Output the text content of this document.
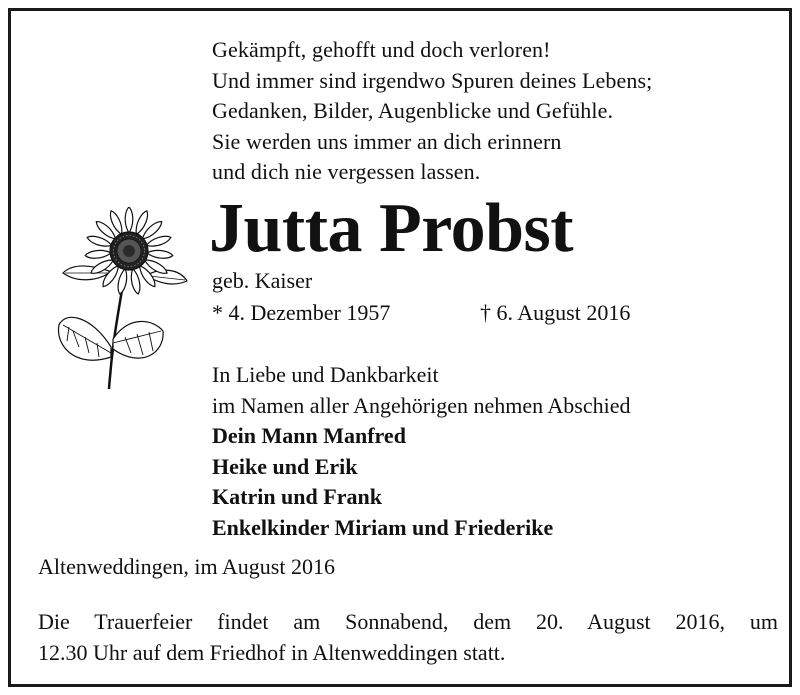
Gekämpft, gehofft und doch verloren!
Und immer sind irgendwo Spuren deines Lebens;
Gedanken, Bilder, Augenblicke und Gefühle.
Sie werden uns immer an dich erinnern
und dich nie vergessen lassen.
Jutta Probst
geb. Kaiser
* 4. Dezember 1957	† 6. August 2016
In Liebe und Dankbarkeit
im Namen aller Angehörigen nehmen Abschied
Dein Mann Manfred
Heike und Erik
Katrin und Frank
Enkelkinder Miriam und Friederike
Altenweddingen, im August 2016
Die Trauerfeier findet am Sonnabend, dem 20. August 2016, um
12.30 Uhr auf dem Friedhof in Altenweddingen statt.
